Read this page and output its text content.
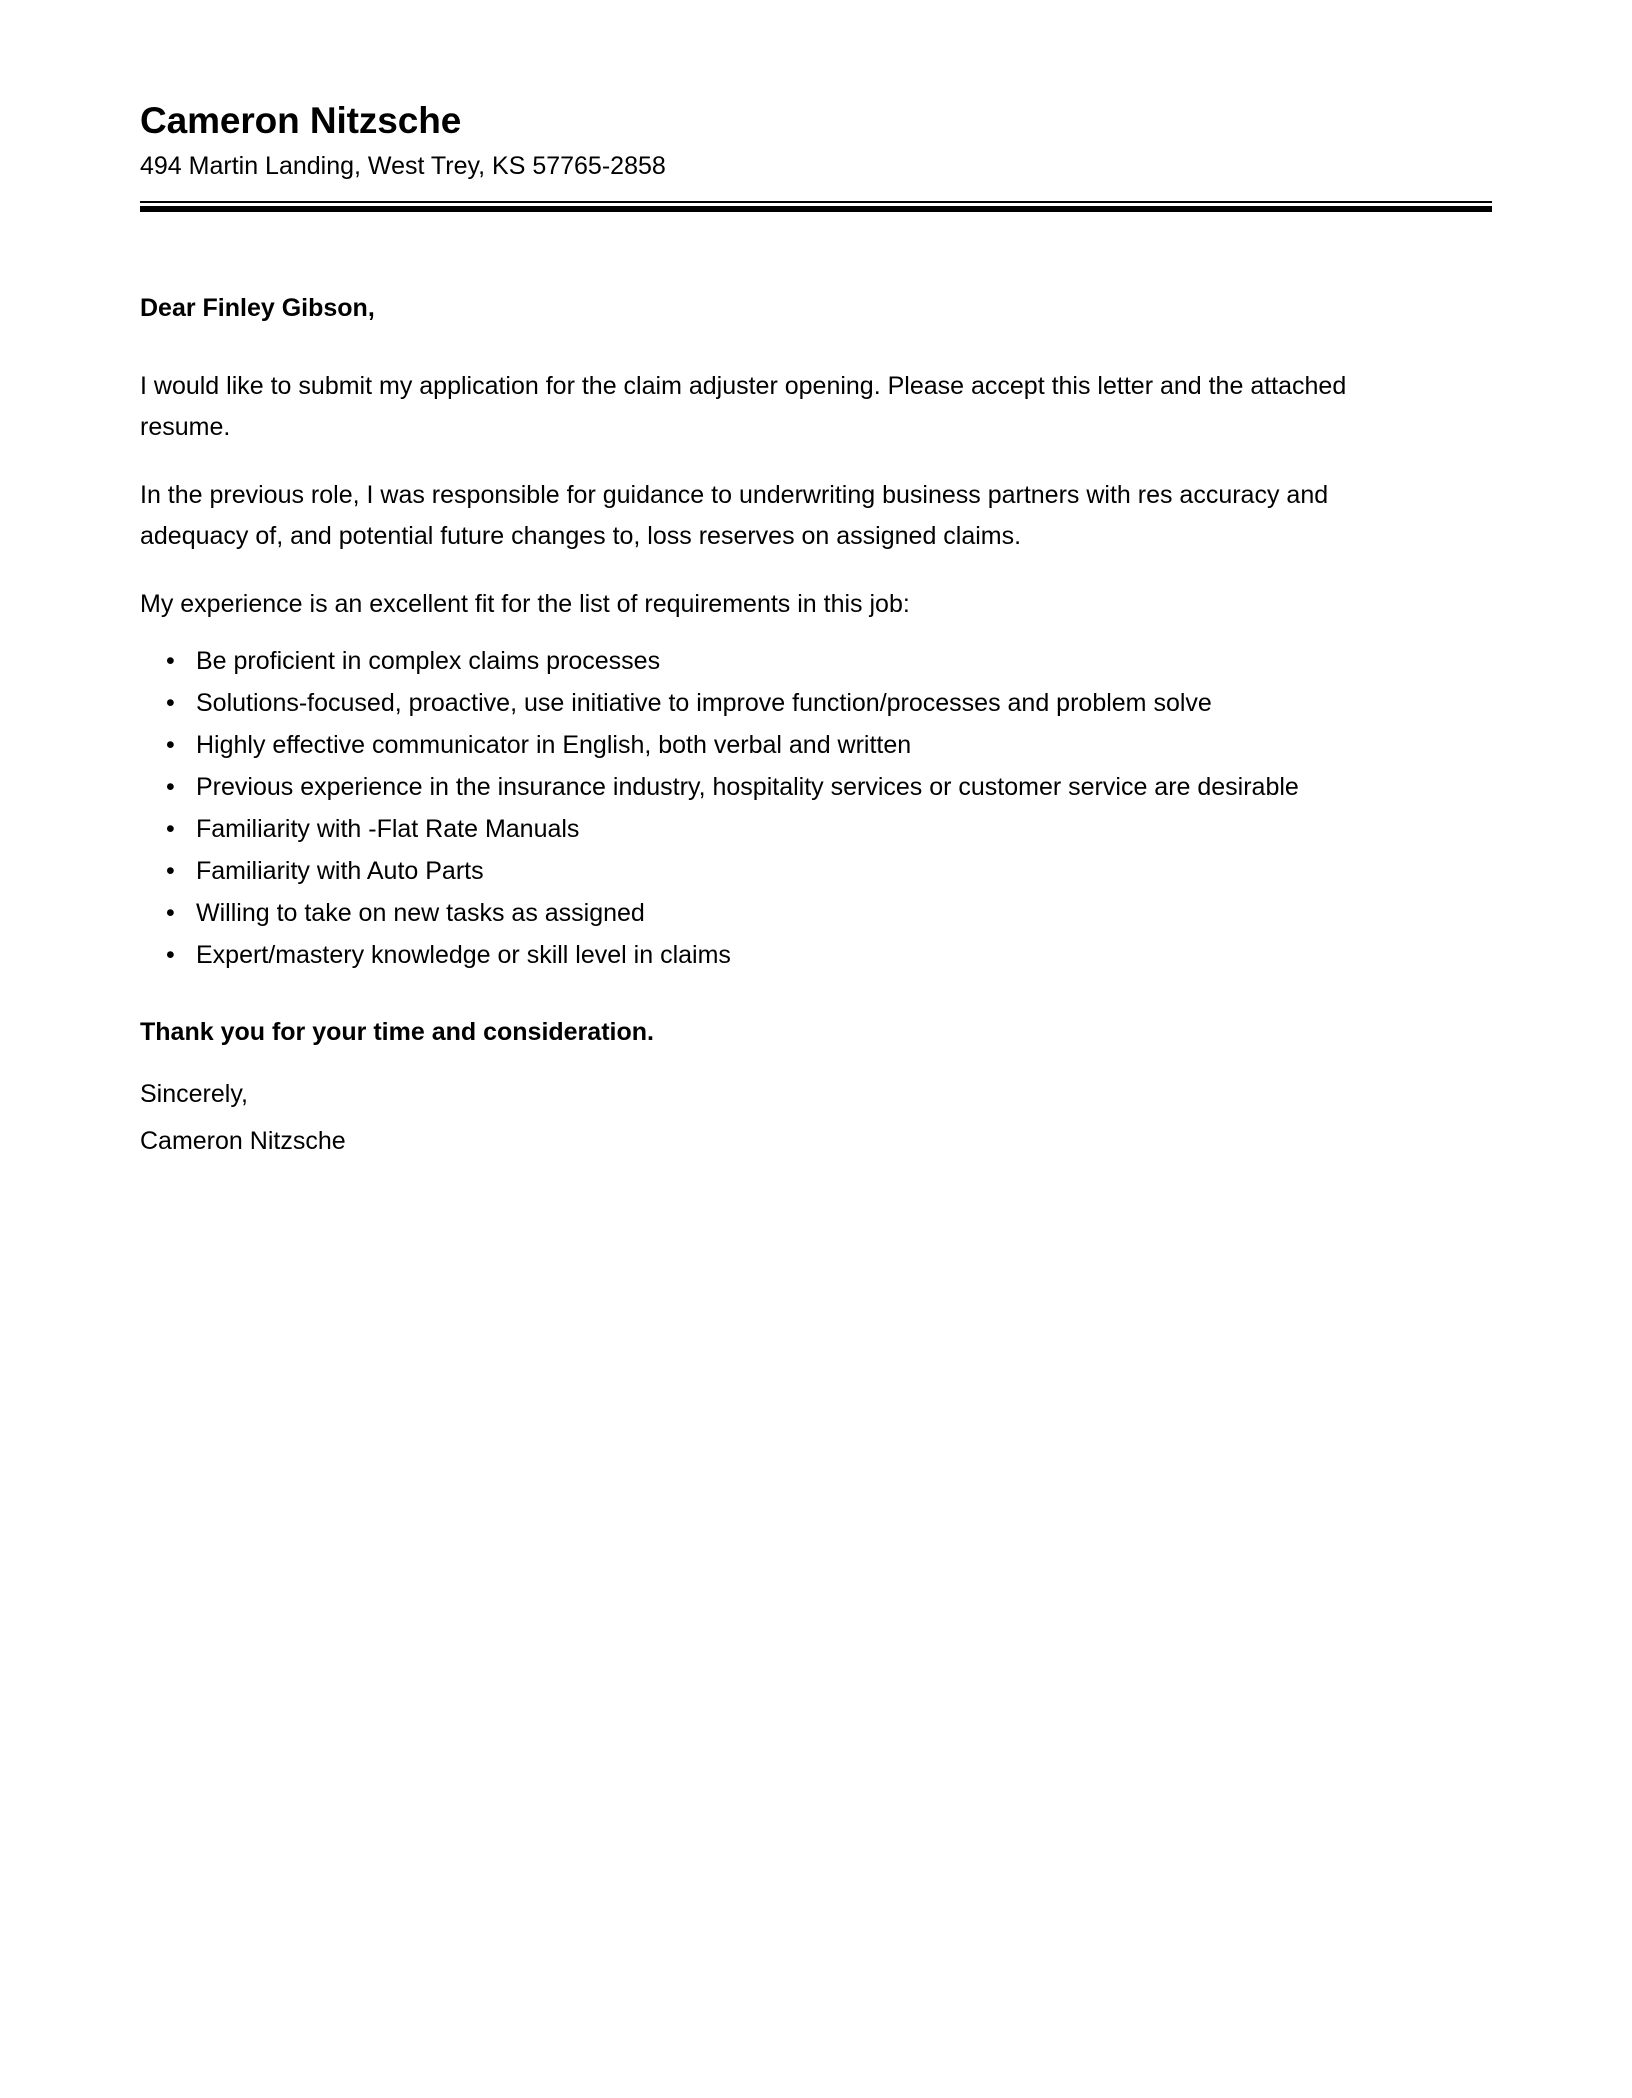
Cameron Nitzsche
494 Martin Landing, West Trey, KS 57765-2858

Dear Finley Gibson,

I would like to submit my application for the claim adjuster opening. Please accept this letter and the attached resume.

In the previous role, I was responsible for guidance to underwriting business partners with res accuracy and adequacy of, and potential future changes to, loss reserves on assigned claims.

My experience is an excellent fit for the list of requirements in this job:

• Be proficient in complex claims processes
• Solutions-focused, proactive, use initiative to improve function/processes and problem solve
• Highly effective communicator in English, both verbal and written
• Previous experience in the insurance industry, hospitality services or customer service are desirable
• Familiarity with -Flat Rate Manuals
• Familiarity with Auto Parts
• Willing to take on new tasks as assigned
• Expert/mastery knowledge or skill level in claims

Thank you for your time and consideration.

Sincerely,
Cameron Nitzsche
